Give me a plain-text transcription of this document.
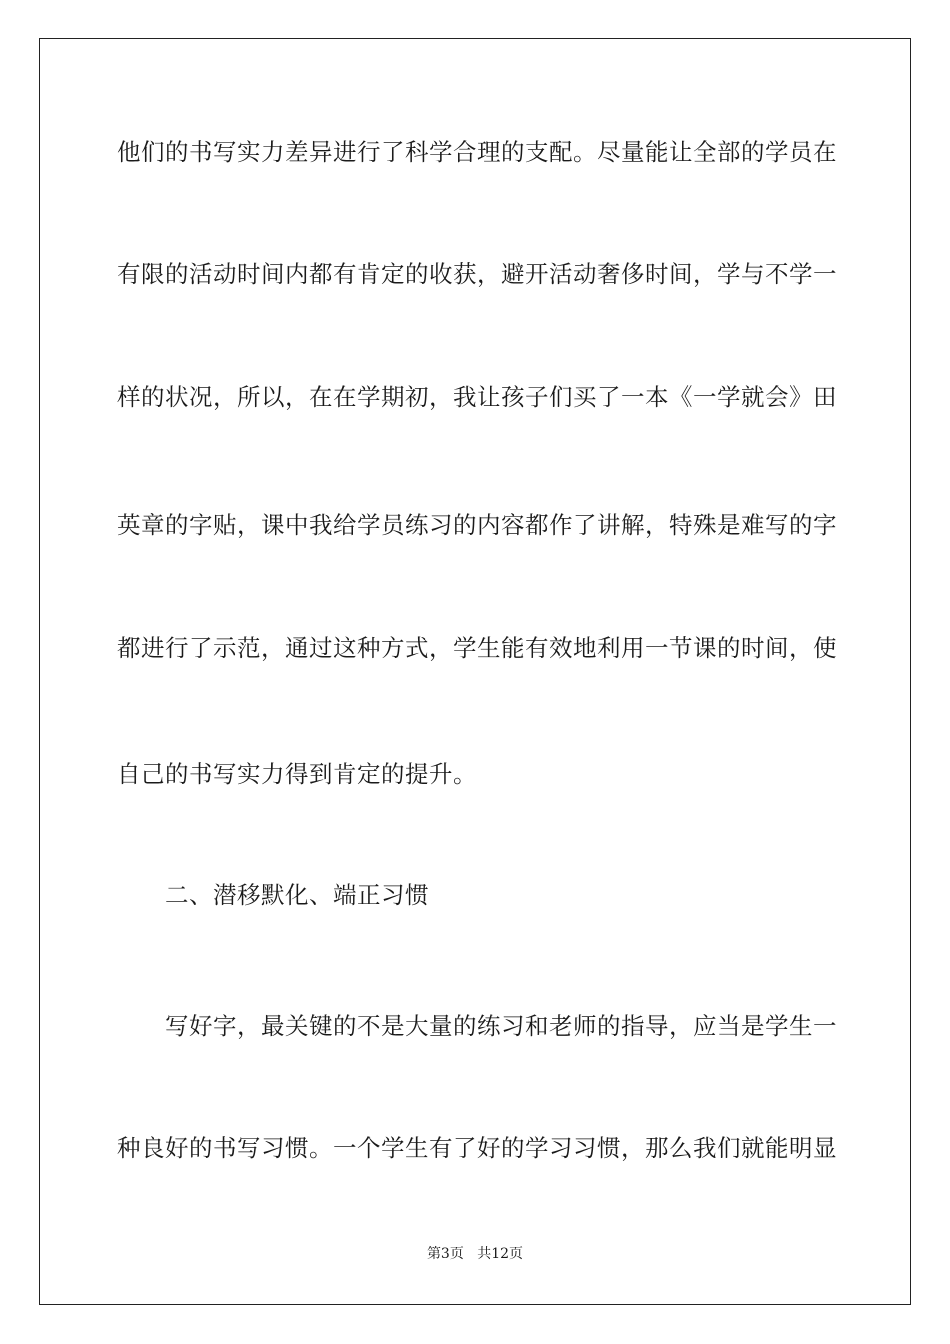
他们的书写实力差异进行了科学合理的支配。尽量能让全部的学员在
有限的活动时间内都有肯定的收获，避开活动奢侈时间，学与不学一
样的状况，所以，在在学期初，我让孩子们买了一本《一学就会》田
英章的字贴，课中我给学员练习的内容都作了讲解，特殊是难写的字
都进行了示范，通过这种方式，学生能有效地利用一节课的时间，使
自己的书写实力得到肯定的提升。
二、潜移默化、端正习惯
写好字，最关键的不是大量的练习和老师的指导，应当是学生一
种良好的书写习惯。一个学生有了好的学习习惯，那么我们就能明显
第3页 共12页
